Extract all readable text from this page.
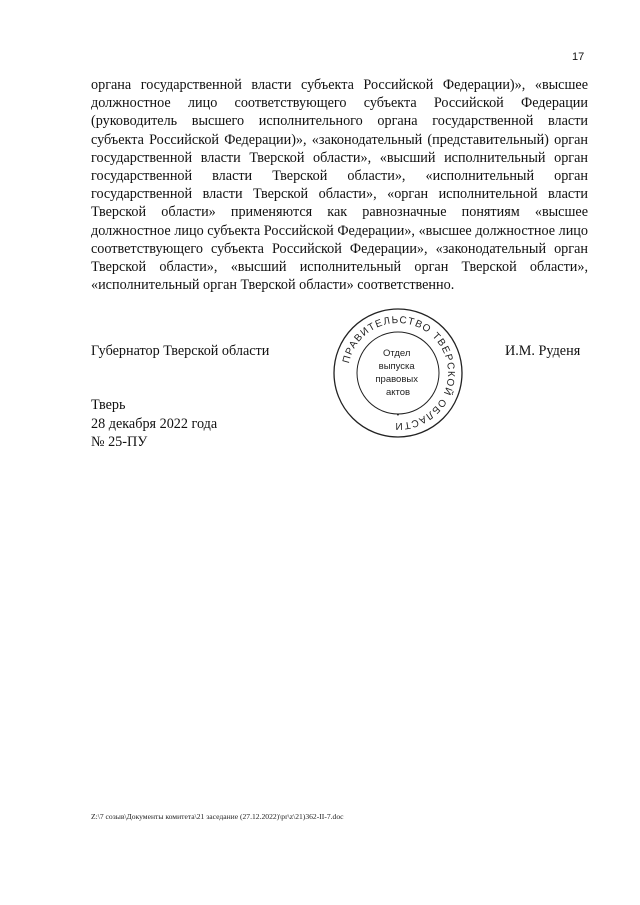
17

органа государственной власти субъекта Российской Федерации)», «высшее должностное лицо соответствующего субъекта Российской Федерации (руководитель высшего исполнительного органа государственной власти субъекта Российской Федерации)», «законодательный (представительный) орган государственной власти Тверской области», «высший исполнительный орган государственной власти Тверской области», «исполнительный орган государственной власти Тверской области», «орган исполнительной власти Тверской области» применяются как равнозначные понятиям «высшее должностное лицо субъекта Российской Федерации», «высшее должностное лицо соответствующего субъекта Российской Федерации», «законодательный орган Тверской области», «высший исполнительный орган Тверской области», «исполнительный орган Тверской области» соответственно.

Губернатор Тверской области	И.М. Руденя
ПРАВИТЕЛЬСТВО ТВЕРСКОЙ ОБЛАСТИ
•
Отдел выпуска правовых актов
Тверь
28 декабря 2022 года
№ 25-ПУ
Z:\7 созыв\Документы комитета\21 заседание (27.12.2022)\pr\z\21)362-II-7.doc
